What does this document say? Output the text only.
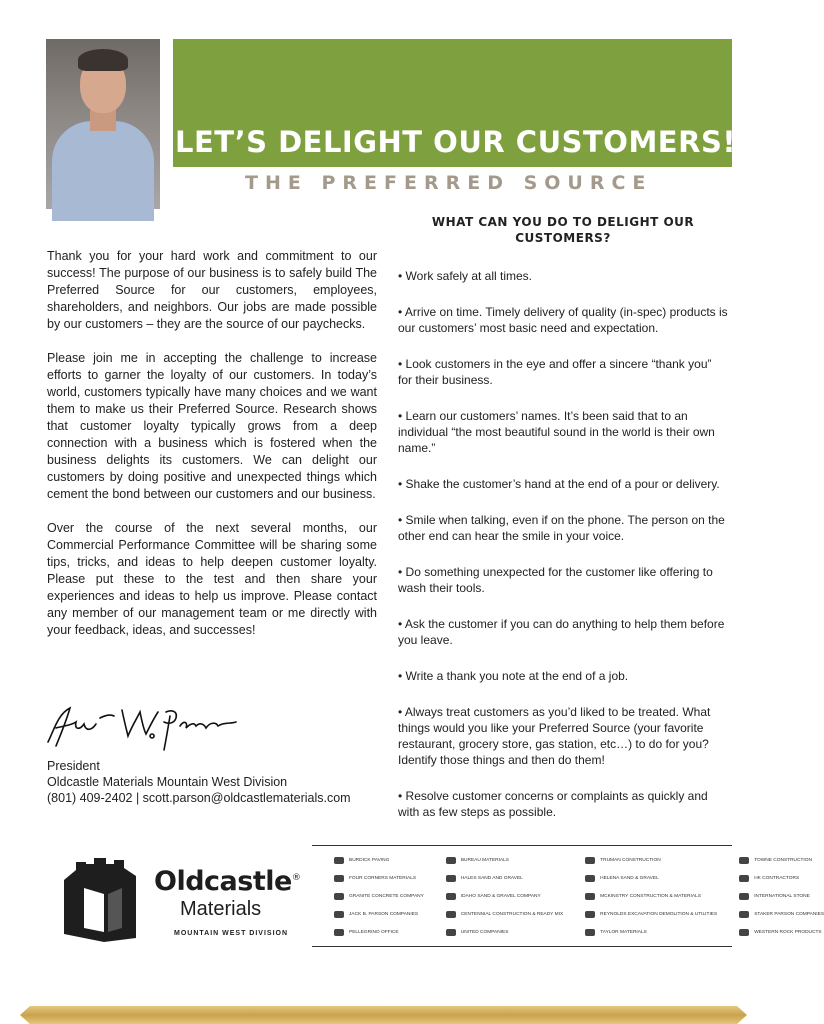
LET’S DELIGHT OUR CUSTOMERS!
THE PREFERRED SOURCE

Thank you for your hard work and commitment to our success! The purpose of our business is to safely build The Preferred Source for our customers, employees, shareholders, and neighbors. Our jobs are made possible by our customers – they are the source of our paychecks.

Please join me in accepting the challenge to increase efforts to garner the loyalty of our customers. In today’s world, customers typically have many choices and we want them to make us their Preferred Source. Research shows that customer loyalty typically grows from a deep connection with a business which is fostered when the business delights its customers. We can delight our customers by doing positive and unexpected things which cement the bond between our customers and our business.

Over the course of the next several months, our Commercial Performance Committee will be sharing some tips, tricks, and ideas to help deepen customer loyalty. Please put these to the test and then share your experiences and ideas to help us improve. Please contact any member of our management team or me directly with your feedback, ideas, and successes!

President
Oldcastle Materials Mountain West Division
(801) 409-2402 | scott.parson@oldcastlematerials.com
WHAT CAN YOU DO TO DELIGHT OUR CUSTOMERS?
• Work safely at all times.
• Arrive on time. Timely delivery of quality (in-spec) products is our customers’ most basic need and expectation.
• Look customers in the eye and offer a sincere “thank you” for their business.
• Learn our customers’ names. It’s been said that to an individual “the most beautiful sound in the world is their own name.”
• Shake the customer’s hand at the end of a pour or delivery.
• Smile when talking, even if on the phone. The person on the other end can hear the smile in your voice.
• Do something unexpected for the customer like offering to wash their tools.
• Ask the customer if you can do anything to help them before you leave.
• Write a thank you note at the end of a job.
• Always treat customers as you’d liked to be treated. What things would you like your Preferred Source (your favorite restaurant, grocery store, gas station, etc…) to do for you? Identify those things and then do them!
• Resolve customer concerns or complaints as quickly and with as few steps as possible.
Oldcastle®
Materials
MOUNTAIN WEST DIVISION
BURDICK PAVING
FOUR CORNERS MATERIALS
GRANITE CONCRETE COMPANY
JACK B. PARSON COMPANIES
PELLEGRINO OFFICE
BUREAU MATERIALS
HALES SAND AND GRAVEL
IDAHO SAND & GRAVEL COMPANY
CENTENNIAL CONSTRUCTION & READY MIX
UNITED COMPANIES
TRUMAN CONSTRUCTION
HELENA SAND & GRAVEL
MCKINSTRY CONSTRUCTION & MATERIALS
REYNOLDS EXCAVATION DEMOLITION & UTILITIES
TAYLOR MATERIALS
TOWNE CONSTRUCTION
HK CONTRACTORS
INTERNATIONAL STONE
STAKER PARSON COMPANIES
WESTERN ROCK PRODUCTS
